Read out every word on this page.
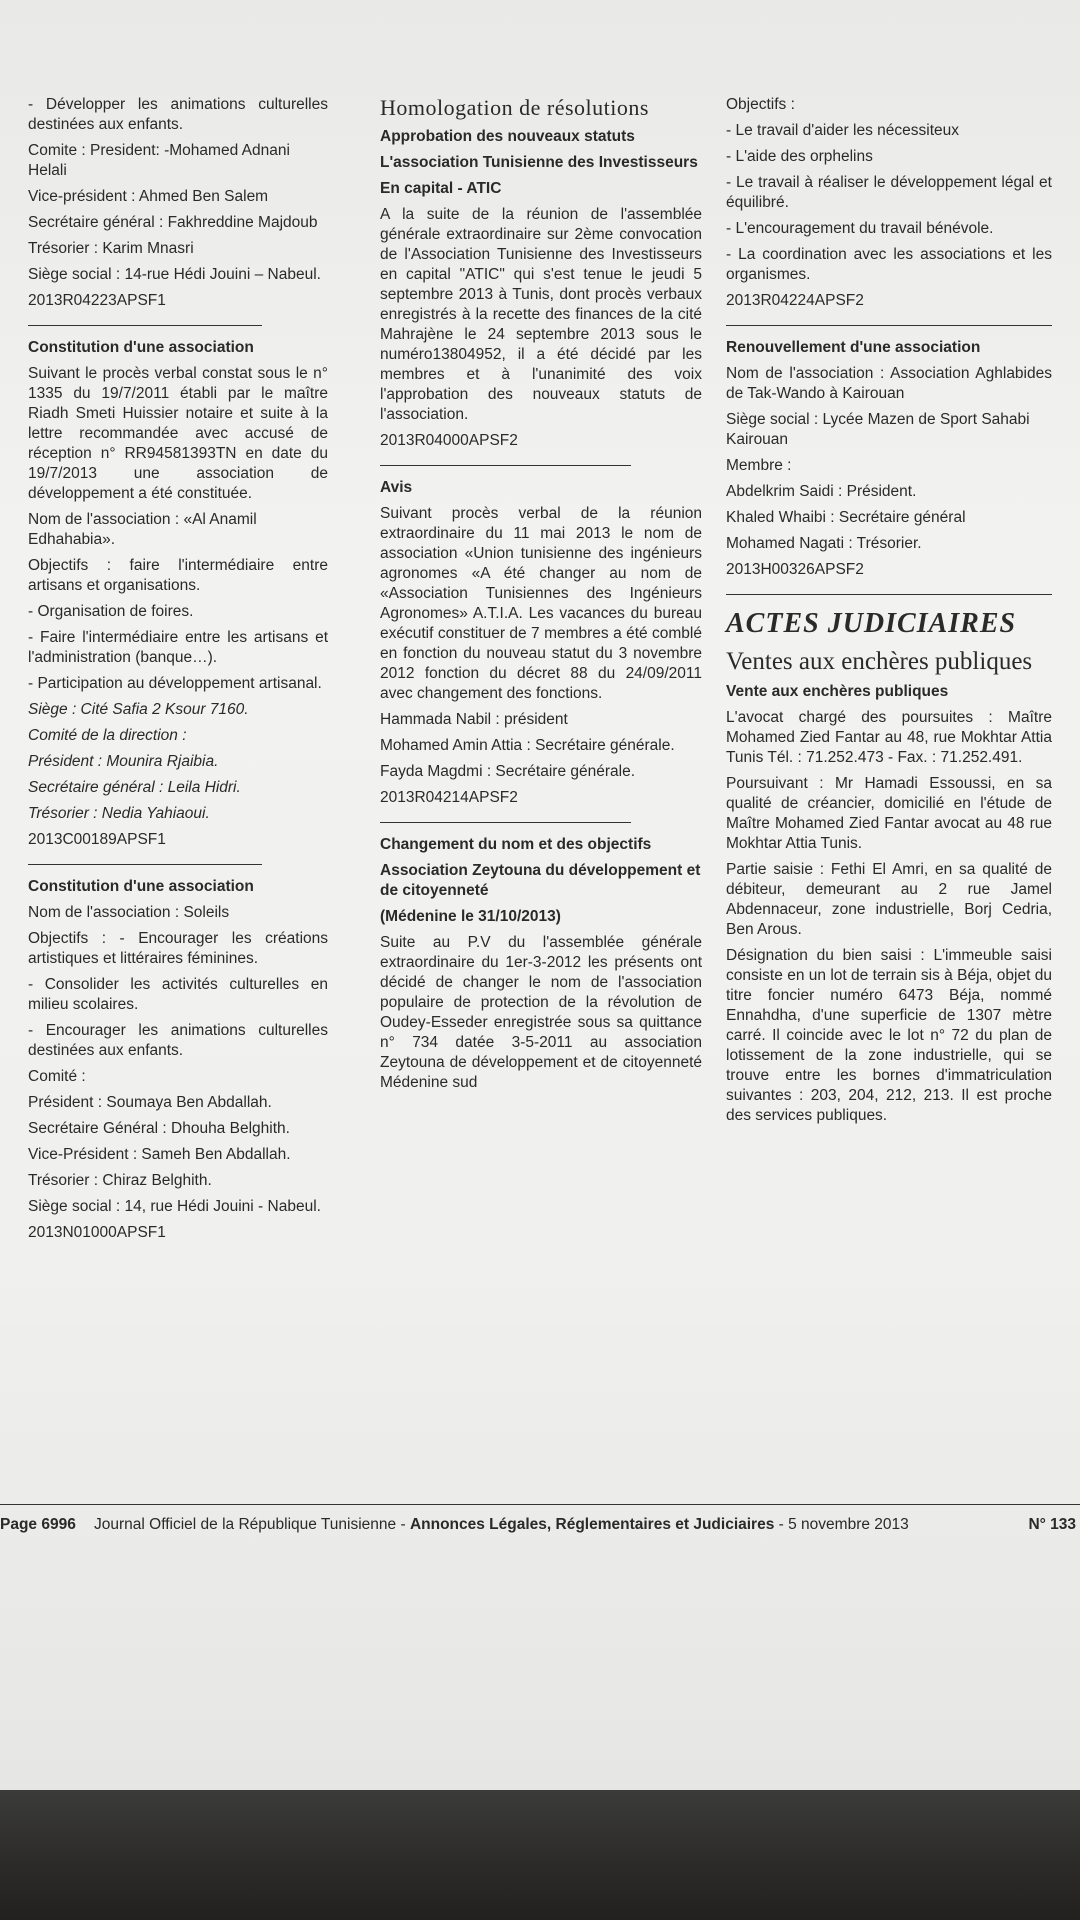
- Développer les animations culturelles destinées aux enfants.

Comite : President: -Mohamed Adnani Helali

Vice-président : Ahmed Ben Salem

Secrétaire général : Fakhreddine Majdoub

Trésorier : Karim Mnasri

Siège social : 14-rue Hédi Jouini – Nabeul.

2013R04223APSF1

Constitution d'une association

Suivant le procès verbal constat sous le n° 1335 du 19/7/2011 établi par le maître Riadh Smeti Huissier notaire et suite à la lettre recommandée avec accusé de réception n° RR94581393TN en date du 19/7/2013 une association de développement a été constituée.

Nom de l'association : «Al Anamil Edhahabia».

Objectifs : faire l'intermédiaire entre artisans et organisations.

- Organisation de foires.

- Faire l'intermédiaire entre les artisans et l'administration (banque…).

- Participation au développement artisanal.

Siège : Cité Safia 2 Ksour 7160.

Comité de la direction :

Président : Mounira Rjaibia.

Secrétaire général : Leila Hidri.

Trésorier : Nedia Yahiaoui.

2013C00189APSF1

Constitution d'une association

Nom de l'association : Soleils

Objectifs : - Encourager les créations artistiques et littéraires féminines.

- Consolider les activités culturelles en milieu scolaires.

- Encourager les animations culturelles destinées aux enfants.

Comité :

Président : Soumaya Ben Abdallah.

Secrétaire Général : Dhouha Belghith.

Vice-Président : Sameh Ben Abdallah.

Trésorier : Chiraz Belghith.

Siège social : 14, rue Hédi Jouini - Nabeul.

2013N01000APSF1

Homologation de résolutions

Approbation des nouveaux statuts

L'association Tunisienne des Investisseurs

En capital - ATIC

A la suite de la réunion de l'assemblée générale extraordinaire sur 2ème convocation de l'Association Tunisienne des Investisseurs en capital "ATIC" qui s'est tenue le jeudi 5 septembre 2013 à Tunis, dont procès verbaux enregistrés à la recette des finances de la cité Mahrajène le 24 septembre 2013 sous le numéro13804952, il a été décidé par les membres et à l'unanimité des voix l'approbation des nouveaux statuts de l'association.

2013R04000APSF2

Avis

Suivant procès verbal de la réunion extraordinaire du 11 mai 2013 le nom de association «Union tunisienne des ingénieurs agronomes «A été changer au nom de «Association Tunisiennes des Ingénieurs Agronomes» A.T.I.A. Les vacances du bureau exécutif constituer de 7 membres a été comblé en fonction du nouveau statut du 3 novembre 2012 fonction du décret 88 du 24/09/2011 avec changement des fonctions.

Hammada Nabil : président

Mohamed Amin Attia : Secrétaire générale.

Fayda Magdmi : Secrétaire générale.

2013R04214APSF2

Changement du nom et des objectifs

Association Zeytouna du développement et de citoyenneté

(Médenine le 31/10/2013)

Suite au P.V du l'assemblée générale extraordinaire du 1er-3-2012 les présents ont décidé de changer le nom de l'association populaire de protection de la révolution de Oudey-Esseder enregistrée sous sa quittance n° 734 datée 3-5-2011 au association Zeytouna de développement et de citoyenneté Médenine sud

Objectifs :

- Le travail d'aider les nécessiteux

- L'aide des orphelins

- Le travail à réaliser le développement légal et équilibré.

- L'encouragement du travail bénévole.

- La coordination avec les associations et les organismes.

2013R04224APSF2

Renouvellement d'une association

Nom de l'association : Association Aghlabides de Tak-Wando à Kairouan

Siège social : Lycée Mazen de Sport Sahabi Kairouan

Membre :

Abdelkrim Saidi : Président.

Khaled Whaibi : Secrétaire général

Mohamed Nagati : Trésorier.

2013H00326APSF2

ACTES JUDICIAIRES

Ventes aux enchères publiques

Vente aux enchères publiques

L'avocat chargé des poursuites : Maître Mohamed Zied Fantar au 48, rue Mokhtar Attia Tunis Tél. : 71.252.473 - Fax. : 71.252.491.

Poursuivant : Mr Hamadi Essoussi, en sa qualité de créancier, domicilié en l'étude de Maître Mohamed Zied Fantar avocat au 48 rue Mokhtar Attia Tunis.

Partie saisie : Fethi El Amri, en sa qualité de débiteur, demeurant au 2 rue Jamel Abdennaceur, zone industrielle, Borj Cedria, Ben Arous.

Désignation du bien saisi : L'immeuble saisi consiste en un lot de terrain sis à Béja, objet du titre foncier numéro 6473 Béja, nommé Ennahdha, d'une superficie de 1307 mètre carré. Il coincide avec le lot n° 72 du plan de lotissement de la zone industrielle, qui se trouve entre les bornes d'immatriculation suivantes : 203, 204, 212, 213. Il est proche des services publiques.

Page 6996 Journal Officiel de la République Tunisienne - Annonces Légales, Réglementaires et Judiciaires - 5 novembre 2013	N° 133
